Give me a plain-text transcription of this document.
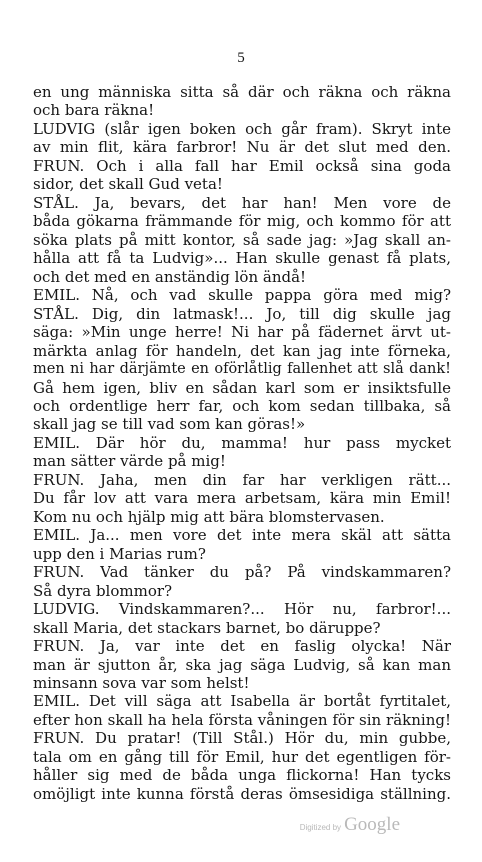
5
en ung människa sitta så där och räkna och räkna
och bara räkna!
LUDVIG (slår igen boken och går fram). Skryt inte
av min flit, kära farbror! Nu är det slut med den.
FRUN. Och i alla fall har Emil också sina goda
sidor, det skall Gud veta!
STÅL. Ja, bevars, det har han! Men vore de
båda gökarna främmande för mig, och kommo för att
söka plats på mitt kontor, så sade jag: »Jag skall an-
hålla att få ta Ludvig»... Han skulle genast få plats,
och det med en anständig lön ändå!
EMIL. Nå, och vad skulle pappa göra med mig?
STÅL. Dig, din latmask!... Jo, till dig skulle jag
säga: »Min unge herre! Ni har på fädernet ärvt ut-
märkta anlag för handeln, det kan jag inte förneka,
men ni har därjämte en oförlåtlig fallenhet att slå dank!
Gå hem igen, bliv en sådan karl som er insiktsfulle
och ordentlige herr far, och kom sedan tillbaka, så
skall jag se till vad som kan göras!»
EMIL. Där hör du, mamma! hur pass mycket
man sätter värde på mig!
FRUN. Jaha, men din far har verkligen rätt...
Du får lov att vara mera arbetsam, kära min Emil!
Kom nu och hjälp mig att bära blomstervasen.
EMIL. Ja... men vore det inte mera skäl att sätta
upp den i Marias rum?
FRUN. Vad tänker du på? På vindskammaren?
Så dyra blommor?
LUDVIG. Vindskammaren?... Hör nu, farbror!...
skall Maria, det stackars barnet, bo däruppe?
FRUN. Ja, var inte det en faslig olycka! När
man är sjutton år, ska jag säga Ludvig, så kan man
minsann sova var som helst!
EMIL. Det vill säga att Isabella är bortåt fyrtitalet,
efter hon skall ha hela första våningen för sin räkning!
FRUN. Du pratar! (Till Stål.) Hör du, min gubbe,
tala om en gång till för Emil, hur det egentligen för-
håller sig med de båda unga flickorna! Han tycks
omöjligt inte kunna förstå deras ömsesidiga ställning.
Digitized by Google
